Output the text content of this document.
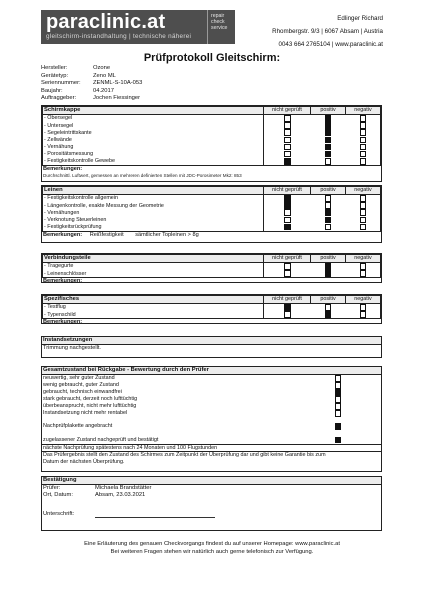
paraclinic.at
gleitschirm-instandhaltung | technische näherei
repair
check
service
Edlinger Richard
Rhombergstr. 9/3 | 6067 Absam | Austria
0043 664 2765104 | www.paraclinic.at
Prüfprotokoll Gleitschirm:
Hersteller:	Ozone
Gerätetyp:	Zeno ML
Seriennummer:	ZENML-S-10A-053
Baujahr:	04.2017
Auftraggeber:	Jochen Fiessinger
Schirmkappe	nicht geprüft	positiv	negativ
- Obersegel			
- Untersegel			
- Segeleintrittskante			
- Zellwände			
- Vernähung			
- Porositätsmessung			
- Festigkeitskontrolle Gewebe			
Bemerkungen:
Durchschnittl. Luftwert, gemessen an mehreren definierten Stellen mit JDC-Porosimeter Mk2: 853
Leinen	nicht geprüft	positiv	negativ
- Festigkeitskontrolle allgemein			
- Längenkontrolle, exakte Messung der Geometrie			
- Vernähungen			
- Verknotung Steuerleinen			
- Festigkeitsrückprüfung			
Bemerkungen: Reißfestigkeit sämtlicher Topleinen > 8g
Verbindungsteile	nicht geprüft	positiv	negativ
- Tragegurte			
- Leinenschlösser			
Bemerkungen:
Spezifisches	nicht geprüft	positiv	negativ
- Testflug			
- Typenschild			
Bemerkungen:
Instandsetzungen
Trimmung nachgestellt.
Gesamtzustand bei Rückgabe - Bewertung durch den Prüfer
neuwertig, sehr guter Zustand
wenig gebraucht, guter Zustand
gebraucht, technisch einwandfrei
stark gebraucht, derzeit noch lufttüchtig
überbeansprucht, nicht mehr lufttüchtig
Instandsetzung nicht mehr rentabel
Nachprüfplakette angebracht
zugelassener Zustand nachgeprüft und bestätigt
nächste Nachprüfung spätestens nach 24 Monaten und 100 Flugstunden
Das Prüfergebnis stellt den Zustand des Schirmes zum Zeitpunkt der Überprüfung dar und gibt keine Garantie bis zum
Datum der nächsten Überprüfung.
Bestätigung
Prüfer:	Michaela Brandstätter
Ort, Datum:	Absam, 23.03.2021
Unterschrift:
Eine Erläuterung des genauen Checkvorgangs findest du auf unserer Homepage: www.paraclinic.at
Bei weiteren Fragen stehen wir natürlich auch gerne telefonisch zur Verfügung.
